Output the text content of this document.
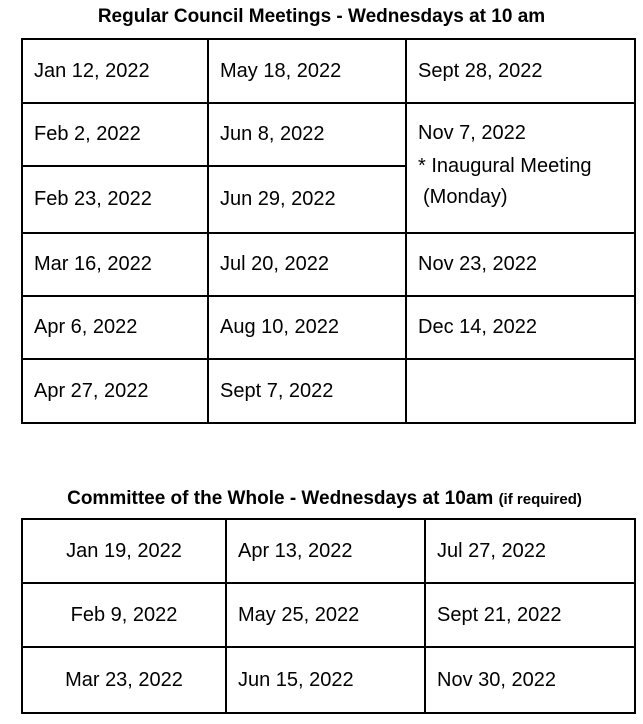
Regular Council Meetings - Wednesdays at 10 am
Jan 12, 2022	May 18, 2022	Sept 28, 2022
Feb 2, 2022	Jun 8, 2022	Nov 7, 2022
* Inaugural Meeting
(Monday)

Feb 23, 2022	Jun 29, 2022	
Mar 16, 2022	Jul 20, 2022	Nov 23, 2022
Apr 6, 2022	Aug 10, 2022	Dec 14, 2022
Apr 27, 2022	Sept 7, 2022	
Committee of the Whole - Wednesdays at 10am (if required)
Jan 19, 2022	Apr 13, 2022	Jul 27, 2022
Feb 9, 2022	May 25, 2022	Sept 21, 2022
Mar 23, 2022	Jun 15, 2022	Nov 30, 2022
